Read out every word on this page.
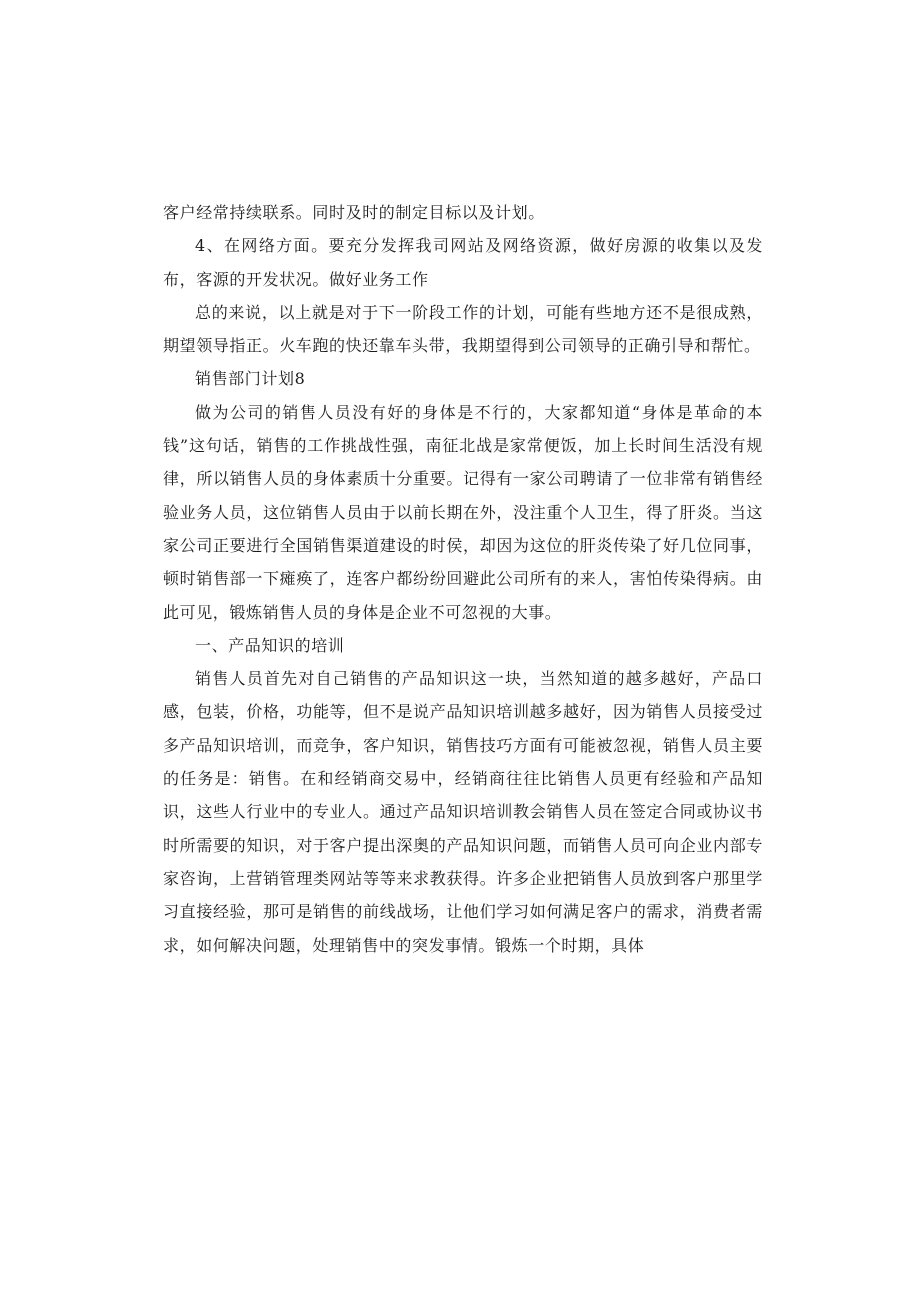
客户经常持续联系。同时及时的制定目标以及计划。

4、在网络方面。要充分发挥我司网站及网络资源，做好房源的收集以及发布，客源的开发状况。做好业务工作

总的来说，以上就是对于下一阶段工作的计划，可能有些地方还不是很成熟，期望领导指正。火车跑的快还靠车头带，我期望得到公司领导的正确引导和帮忙。

销售部门计划8

做为公司的销售人员没有好的身体是不行的，大家都知道“身体是革命的本钱”这句话，销售的工作挑战性强，南征北战是家常便饭，加上长时间生活没有规律，所以销售人员的身体素质十分重要。记得有一家公司聘请了一位非常有销售经验业务人员，这位销售人员由于以前长期在外，没注重个人卫生，得了肝炎。当这家公司正要进行全国销售渠道建设的时侯，却因为这位的肝炎传染了好几位同事，顿时销售部一下瘫痪了，连客户都纷纷回避此公司所有的来人，害怕传染得病。由此可见，锻炼销售人员的身体是企业不可忽视的大事。

一、产品知识的培训

销售人员首先对自己销售的产品知识这一块，当然知道的越多越好，产品口感，包装，价格，功能等，但不是说产品知识培训越多越好，因为销售人员接受过多产品知识培训，而竞争，客户知识，销售技巧方面有可能被忽视，销售人员主要的任务是：销售。在和经销商交易中，经销商往往比销售人员更有经验和产品知识，这些人行业中的专业人。通过产品知识培训教会销售人员在签定合同或协议书时所需要的知识，对于客户提出深奥的产品知识问题，而销售人员可向企业内部专家咨询，上营销管理类网站等等来求教获得。许多企业把销售人员放到客户那里学习直接经验，那可是销售的前线战场，让他们学习如何满足客户的需求，消费者需求，如何解决问题，处理销售中的突发事情。锻炼一个时期，具体
